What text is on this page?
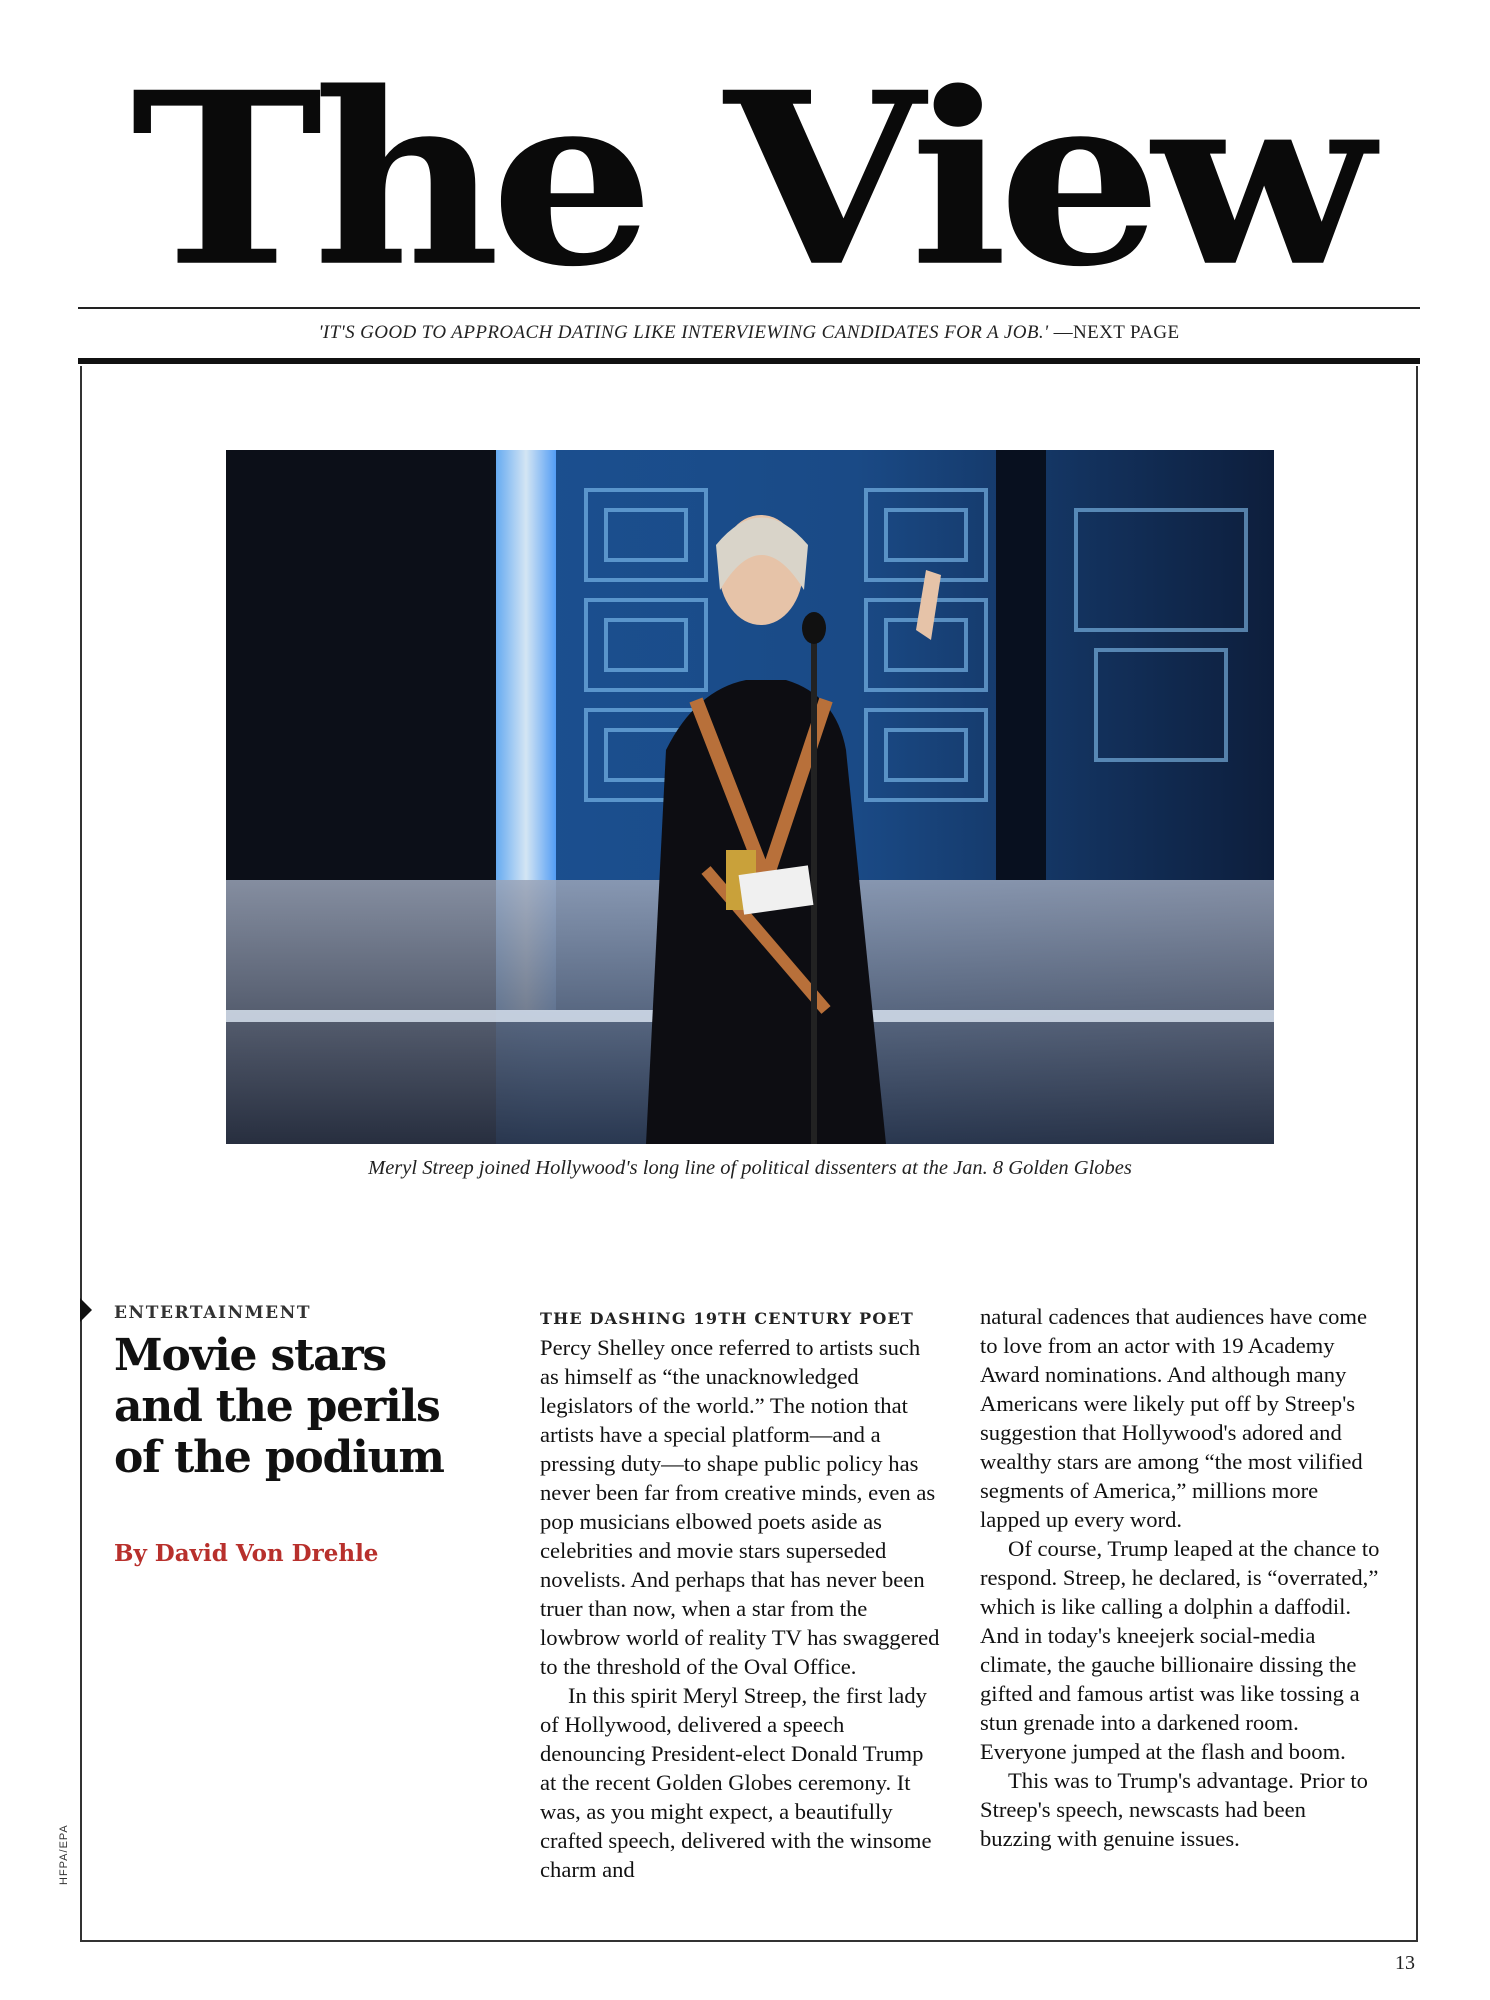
The View
'IT'S GOOD TO APPROACH DATING LIKE INTERVIEWING CANDIDATES FOR A JOB.' —NEXT PAGE
Meryl Streep joined Hollywood's long line of political dissenters at the Jan. 8 Golden Globes
ENTERTAINMENT
Movie stars and the perils of the podium
By David Von Drehle

THE DASHING 19TH CENTURY POET Percy Shelley once referred to artists such as himself as “the unacknowledged legislators of the world.” The notion that artists have a special platform—and a pressing duty—to shape public policy has never been far from creative minds, even as pop musicians elbowed poets aside as celebrities and movie stars superseded novelists. And perhaps that has never been truer than now, when a star from the lowbrow world of reality TV has swaggered to the threshold of the Oval Office.

In this spirit Meryl Streep, the first lady of Hollywood, delivered a speech denouncing President-elect Donald Trump at the recent Golden Globes ceremony. It was, as you might expect, a beautifully crafted speech, delivered with the winsome charm and

natural cadences that audiences have come to love from an actor with 19 Academy Award nominations. And although many Americans were likely put off by Streep's suggestion that Hollywood's adored and wealthy stars are among “the most vilified segments of America,” millions more lapped up every word.

Of course, Trump leaped at the chance to respond. Streep, he declared, is “overrated,” which is like calling a dolphin a daffodil. And in today's kneejerk social-media climate, the gauche billionaire dissing the gifted and famous artist was like tossing a stun grenade into a darkened room. Everyone jumped at the flash and boom.

This was to Trump's advantage. Prior to Streep's speech, newscasts had been buzzing with genuine issues.

HFPA/EPA
13
